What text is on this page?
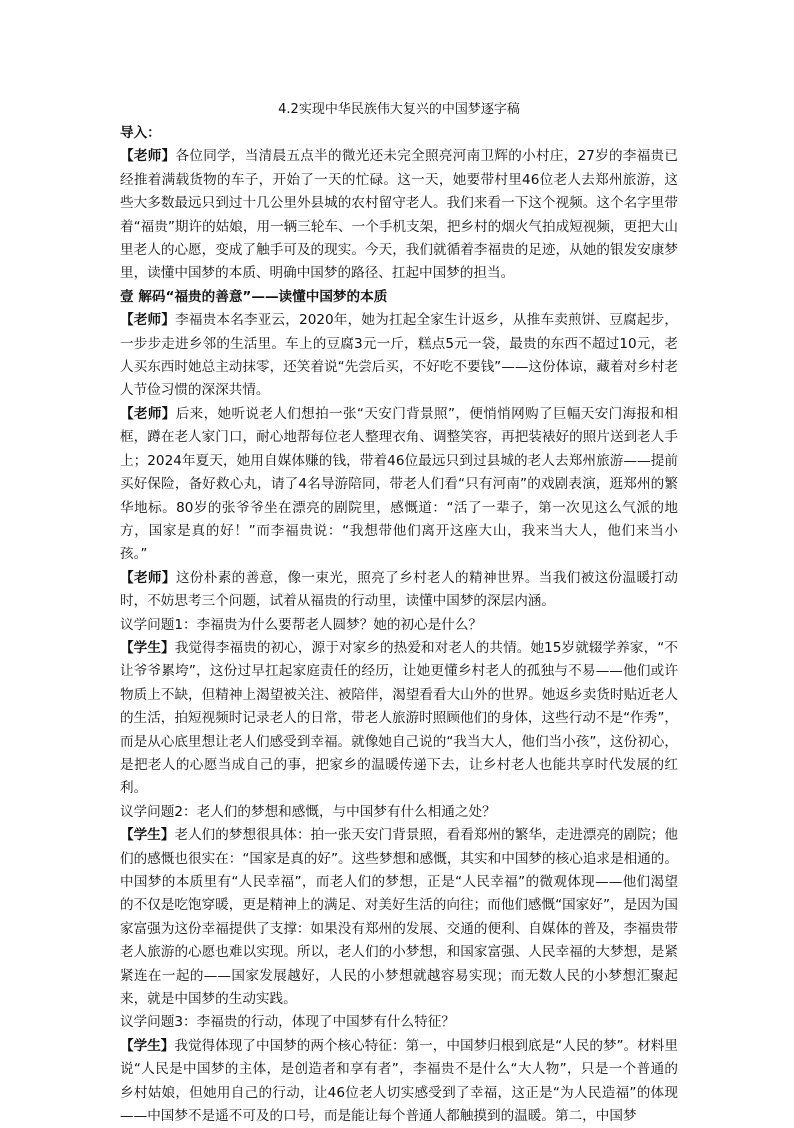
4.2实现中华民族伟大复兴的中国梦逐字稿
导入：

【老师】各位同学，当清晨五点半的微光还未完全照亮河南卫辉的小村庄，27岁的李福贵已经推着满载货物的车子，开始了一天的忙碌。这一天，她要带村里46位老人去郑州旅游，这些大多数最远只到过十几公里外县城的农村留守老人。我们来看一下这个视频。这个名字里带着“福贵”期许的姑娘，用一辆三轮车、一个手机支架，把乡村的烟火气拍成短视频，更把大山里老人的心愿，变成了触手可及的现实。今天，我们就循着李福贵的足迹，从她的银发安康梦里，读懂中国梦的本质、明确中国梦的路径、扛起中国梦的担当。

壹 解码“福贵的善意”——读懂中国梦的本质

【老师】李福贵本名李亚云，2020年，她为扛起全家生计返乡，从推车卖煎饼、豆腐起步，一步步走进乡邻的生活里。车上的豆腐3元一斤，糕点5元一袋，最贵的东西不超过10元，老人买东西时她总主动抹零，还笑着说“先尝后买，不好吃不要钱”——这份体谅，藏着对乡村老人节俭习惯的深深共情。

【老师】后来，她听说老人们想拍一张“天安门背景照”，便悄悄网购了巨幅天安门海报和相框，蹲在老人家门口，耐心地帮每位老人整理衣角、调整笑容，再把装裱好的照片送到老人手上；2024年夏天，她用自媒体赚的钱，带着46位最远只到过县城的老人去郑州旅游——提前买好保险，备好救心丸，请了4名导游陪同，带老人们看“只有河南”的戏剧表演，逛郑州的繁华地标。80岁的张爷爷坐在漂亮的剧院里，感慨道：“活了一辈子，第一次见这么气派的地方，国家是真的好！”而李福贵说：“我想带他们离开这座大山，我来当大人，他们来当小孩。”

【老师】这份朴素的善意，像一束光，照亮了乡村老人的精神世界。当我们被这份温暖打动时，不妨思考三个问题，试着从福贵的行动里，读懂中国梦的深层内涵。

议学问题1：李福贵为什么要帮老人圆梦？她的初心是什么？

【学生】我觉得李福贵的初心，源于对家乡的热爱和对老人的共情。她15岁就辍学养家，“不让爷爷累垮”，这份过早扛起家庭责任的经历，让她更懂乡村老人的孤独与不易——他们或许物质上不缺，但精神上渴望被关注、被陪伴，渴望看看大山外的世界。她返乡卖货时贴近老人的生活，拍短视频时记录老人的日常，带老人旅游时照顾他们的身体，这些行动不是“作秀”，而是从心底里想让老人们感受到幸福。就像她自己说的“我当大人，他们当小孩”，这份初心，是把老人的心愿当成自己的事，把家乡的温暖传递下去，让乡村老人也能共享时代发展的红利。

议学问题2：老人们的梦想和感慨，与中国梦有什么相通之处？

【学生】老人们的梦想很具体：拍一张天安门背景照，看看郑州的繁华，走进漂亮的剧院；他们的感慨也很实在：“国家是真的好”。这些梦想和感慨，其实和中国梦的核心追求是相通的。中国梦的本质里有“人民幸福”，而老人们的梦想，正是“人民幸福”的微观体现——他们渴望的不仅是吃饱穿暖，更是精神上的满足、对美好生活的向往；而他们感慨“国家好”，是因为国家富强为这份幸福提供了支撑：如果没有郑州的发展、交通的便利、自媒体的普及，李福贵带老人旅游的心愿也难以实现。所以，老人们的小梦想，和国家富强、人民幸福的大梦想，是紧紧连在一起的——国家发展越好，人民的小梦想就越容易实现；而无数人民的小梦想汇聚起来，就是中国梦的生动实践。

议学问题3：李福贵的行动，体现了中国梦有什么特征？

【学生】我觉得体现了中国梦的两个核心特征：第一，中国梦归根到底是“人民的梦”。材料里说“人民是中国梦的主体，是创造者和享有者”，李福贵不是什么“大人物”，只是一个普通的乡村姑娘，但她用自己的行动，让46位老人切实感受到了幸福，这正是“为人民造福”的体现——中国梦不是遥不可及的口号，而是能让每个普通人都触摸到的温暖。第二，中国梦
